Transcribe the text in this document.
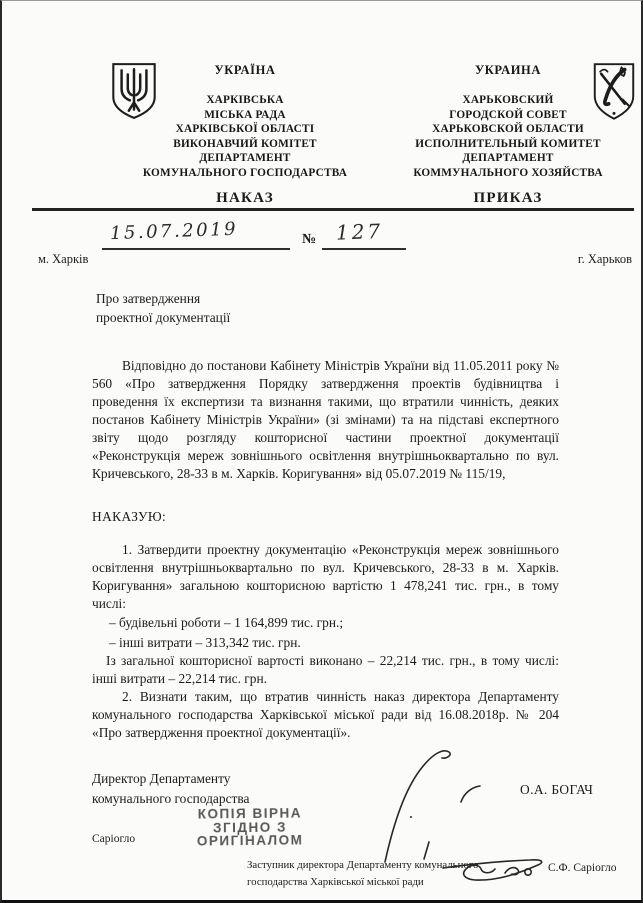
УКРАЇНА
ХАРКІВСЬКА
МІСЬКА РАДА
ХАРКІВСЬКОЇ ОБЛАСТІ
ВИКОНАВЧИЙ КОМІТЕТ
ДЕПАРТАМЕНТ
КОМУНАЛЬНОГО ГОСПОДАРСТВА
УКРАИНА
ХАРЬКОВСКИЙ
ГОРОДСКОЙ СОВЕТ
ХАРЬКОВСКОЙ ОБЛАСТИ
ИСПОЛНИТЕЛЬНЫЙ КОМИТЕТ
ДЕПАРТАМЕНТ
КОММУНАЛЬНОГО ХОЗЯЙСТВА
НАКАЗ	ПРИКАЗ
15.07.2019	№ 127
м. Харків	г. Харьков
Про затвердження
проектної документації

Відповідно до постанови Кабінету Міністрів України від 11.05.2011 року № 560 «Про затвердження Порядку затвердження проектів будівництва і проведення їх експертизи та визнання такими, що втратили чинність, деяких постанов Кабінету Міністрів України» (зі змінами) та на підставі експертного звіту щодо розгляду кошторисної частини проектної документації «Реконструкція мереж зовнішнього освітлення внутрішньоквартально по вул. Кричевського, 28-33 в м. Харків. Коригування» від 05.07.2019 № 115/19,

НАКАЗУЮ:

1. Затвердити проектну документацію «Реконструкція мереж зовнішнього освітлення внутрішньоквартально по вул. Кричевського, 28-33 в м. Харків. Коригування» загальною кошторисною вартістю 1 478,241 тис. грн., в тому числі:

– будівельні роботи – 1 164,899 тис. грн.;

– інші витрати – 313,342 тис. грн.

Із загальної кошторисної вартості виконано – 22,214 тис. грн., в тому числі: інші витрати – 22,214 тис. грн.

2. Визнати таким, що втратив чинність наказ директора Департаменту комунального господарства Харківської міської ради від 16.08.2018р. № 204 «Про затвердження проектної документації».

Директор Департаменту
комунального господарства
О.А. БОГАЧ
КОПІЯ ВІРНА
ЗГІДНО З
ОРИГІНАЛОМ
Саріогло
Заступник директора Департаменту комунального
господарства Харківської міської ради
С.Ф. Саріогло
